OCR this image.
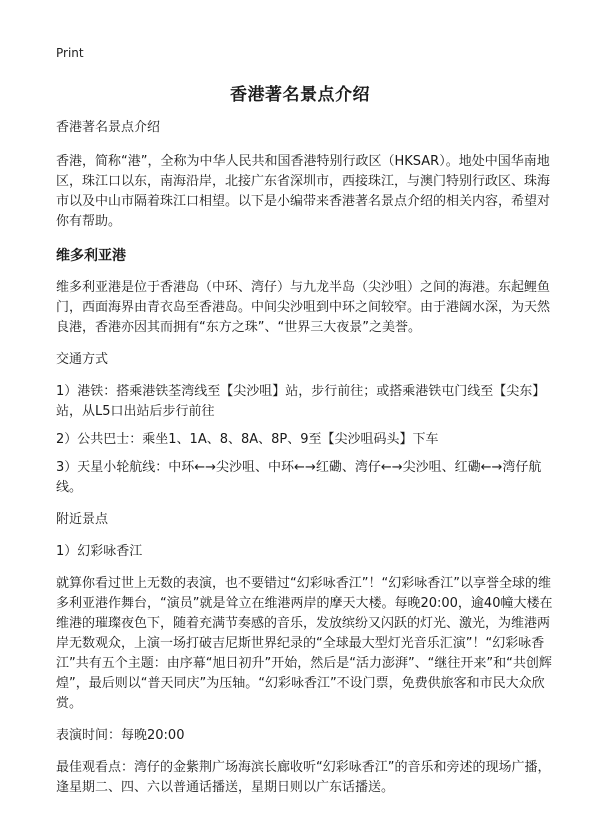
Print
香港著名景点介绍

香港著名景点介绍

香港，简称“港”，全称为中华人民共和国香港特别行政区（HKSAR）。地处中国华南地区，珠江口以东，南海沿岸，北接广东省深圳市，西接珠江，与澳门特别行政区、珠海市以及中山市隔着珠江口相望。以下是小编带来香港著名景点介绍的相关内容，希望对你有帮助。

维多利亚港

维多利亚港是位于香港岛（中环、湾仔）与九龙半岛（尖沙咀）之间的海港。东起鲤鱼门，西面海界由青衣岛至香港岛。中间尖沙咀到中环之间较窄。由于港阔水深，为天然良港，香港亦因其而拥有“东方之珠”、“世界三大夜景”之美誉。

交通方式

1）港铁：搭乘港铁荃湾线至【尖沙咀】站，步行前往；或搭乘港铁屯门线至【尖东】站，从L5口出站后步行前往

2）公共巴士：乘坐1、1A、8、8A、8P、9至【尖沙咀码头】下车

3）天星小轮航线：中环←→尖沙咀、中环←→红磡、湾仔←→尖沙咀、红磡←→湾仔航线。

附近景点

1）幻彩咏香江

就算你看过世上无数的表演，也不要错过“幻彩咏香江”！“幻彩咏香江”以享誉全球的维多利亚港作舞台，“演员”就是耸立在维港两岸的摩天大楼。每晚20:00，逾40幢大楼在维港的璀璨夜色下，随着充满节奏感的音乐，发放缤纷又闪跃的灯光、激光，为维港两岸无数观众，上演一场打破吉尼斯世界纪录的“全球最大型灯光音乐汇演”！“幻彩咏香江”共有五个主题：由序幕“旭日初升”开始，然后是“活力澎湃”、“继往开来”和“共创辉煌”，最后则以“普天同庆”为压轴。“幻彩咏香江”不设门票，免费供旅客和市民大众欣赏。

表演时间：每晚20:00

最佳观看点：湾仔的金紫荆广场海滨长廊收听“幻彩咏香江”的音乐和旁述的现场广播，逢星期二、四、六以普通话播送，星期日则以广东话播送。
